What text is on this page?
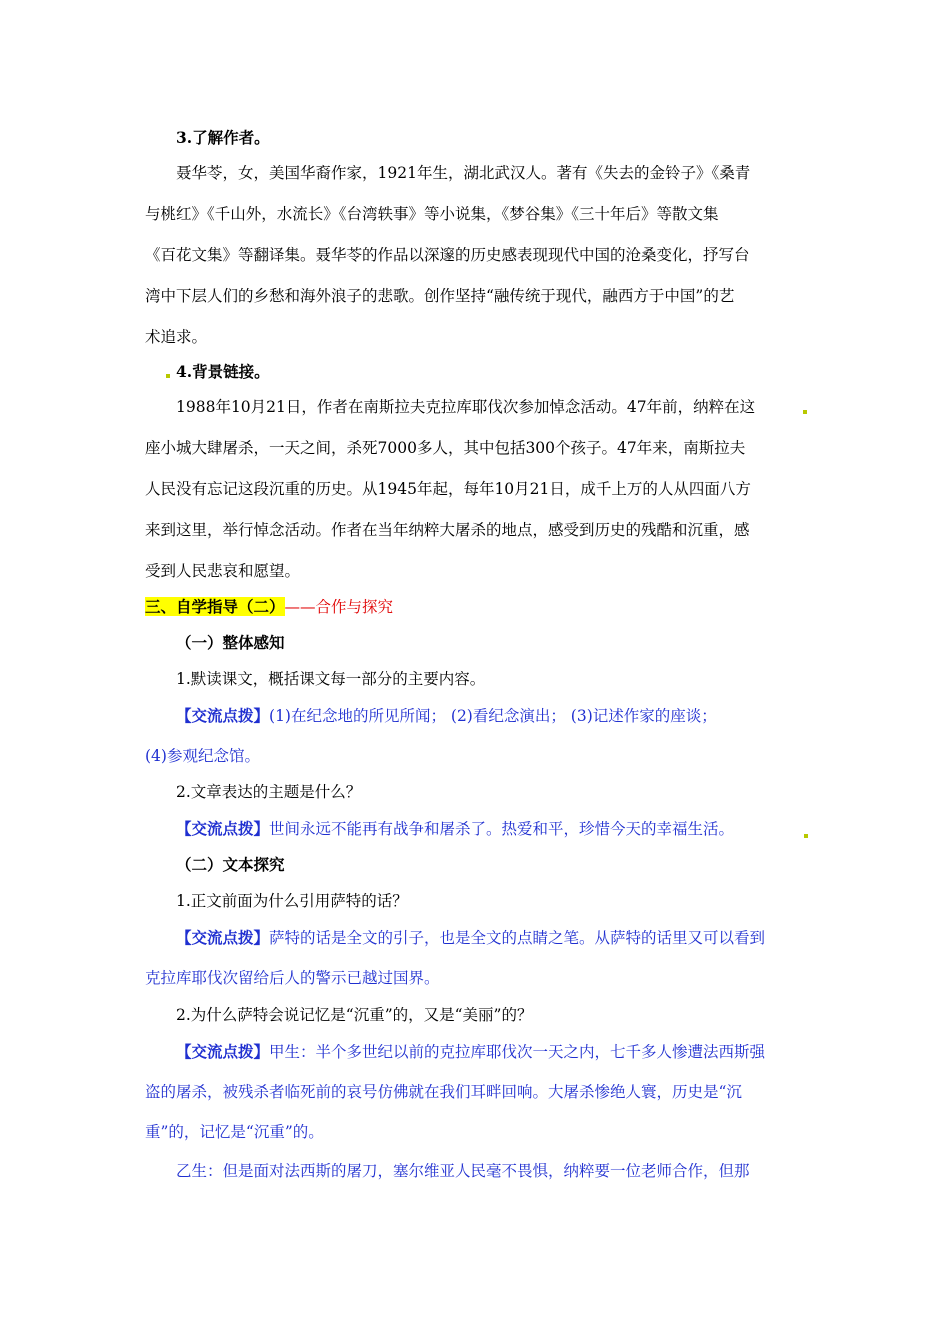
3.了解作者。
聂华苓，女，美国华裔作家，1921年生，湖北武汉人。著有《失去的金铃子》《桑青
与桃红》《千山外，水流长》《台湾轶事》等小说集，《梦谷集》《三十年后》等散文集
《百花文集》等翻译集。聂华苓的作品以深邃的历史感表现现代中国的沧桑变化，抒写台
湾中下层人们的乡愁和海外浪子的悲歌。创作坚持“融传统于现代，融西方于中国”的艺
术追求。
4.背景链接。
1988年10月21日，作者在南斯拉夫克拉库耶伐次参加悼念活动。47年前，纳粹在这
座小城大肆屠杀，一天之间，杀死7000多人，其中包括300个孩子。47年来，南斯拉夫
人民没有忘记这段沉重的历史。从1945年起，每年10月21日，成千上万的人从四面八方
来到这里，举行悼念活动。作者在当年纳粹大屠杀的地点，感受到历史的残酷和沉重，感
受到人民悲哀和愿望。
三、自学指导（二）——合作与探究
（一）整体感知
1.默读课文，概括课文每一部分的主要内容。
【交流点拨】(1)在纪念地的所见所闻； (2)看纪念演出； (3)记述作家的座谈；
(4)参观纪念馆。
2.文章表达的主题是什么？
【交流点拨】世间永远不能再有战争和屠杀了。热爱和平，珍惜今天的幸福生活。
（二）文本探究
1.正文前面为什么引用萨特的话？
【交流点拨】萨特的话是全文的引子，也是全文的点睛之笔。从萨特的话里又可以看到
克拉库耶伐次留给后人的警示已越过国界。
2.为什么萨特会说记忆是“沉重”的，又是“美丽”的？
【交流点拨】甲生：半个多世纪以前的克拉库耶伐次一天之内，七千多人惨遭法西斯强
盗的屠杀，被残杀者临死前的哀号仿佛就在我们耳畔回响。大屠杀惨绝人寰，历史是“沉
重”的，记忆是“沉重”的。
乙生：但是面对法西斯的屠刀，塞尔维亚人民毫不畏惧，纳粹要一位老师合作，但那
